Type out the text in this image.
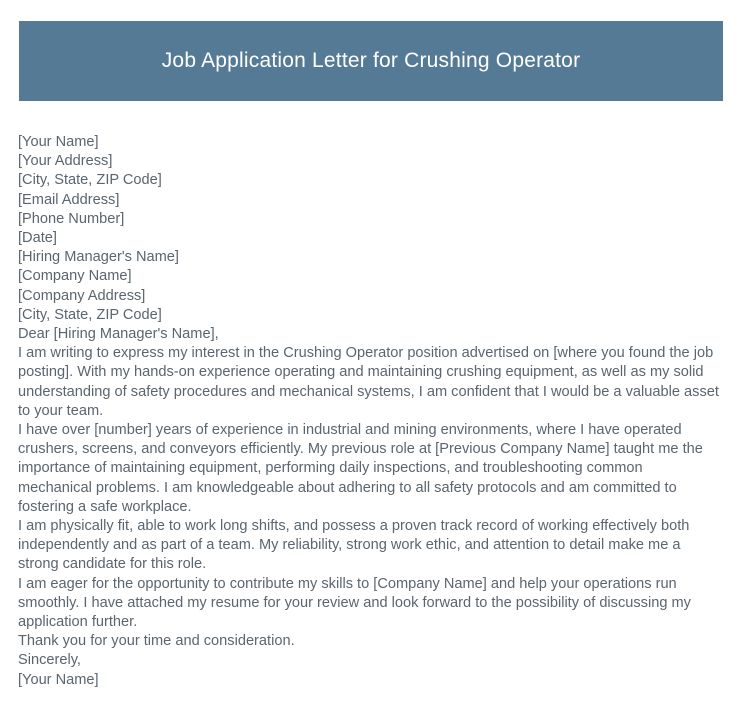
Job Application Letter for Crushing Operator
[Your Name]
[Your Address]
[City, State, ZIP Code]
[Email Address]
[Phone Number]
[Date]
[Hiring Manager's Name]
[Company Name]
[Company Address]
[City, State, ZIP Code]
Dear [Hiring Manager's Name],

I am writing to express my interest in the Crushing Operator position advertised on [where you found the job posting]. With my hands-on experience operating and maintaining crushing equipment, as well as my solid understanding of safety procedures and mechanical systems, I am confident that I would be a valuable asset to your team.

I have over [number] years of experience in industrial and mining environments, where I have operated crushers, screens, and conveyors efficiently. My previous role at [Previous Company Name] taught me the importance of maintaining equipment, performing daily inspections, and troubleshooting common mechanical problems. I am knowledgeable about adhering to all safety protocols and am committed to fostering a safe workplace.

I am physically fit, able to work long shifts, and possess a proven track record of working effectively both independently and as part of a team. My reliability, strong work ethic, and attention to detail make me a strong candidate for this role.

I am eager for the opportunity to contribute my skills to [Company Name] and help your operations run smoothly. I have attached my resume for your review and look forward to the possibility of discussing my application further.

Thank you for your time and consideration.
Sincerely,
[Your Name]
